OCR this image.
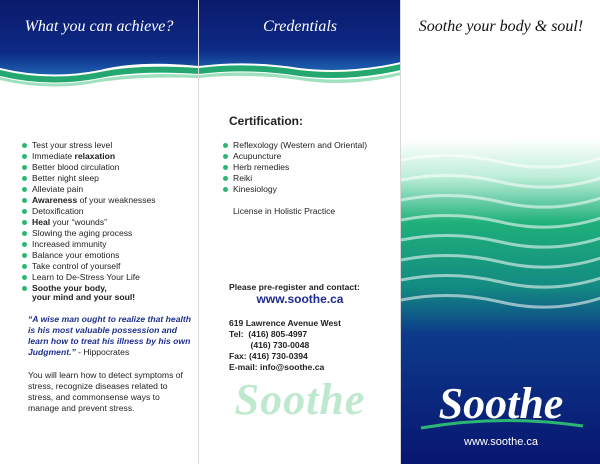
What you can achieve?
Test your stress level
Immediate relaxation
Better blood circulation
Better night sleep
Alleviate pain
Awareness of your weaknesses
Detoxification
Heal your “wounds”
Slowing the aging process
Increased immunity
Balance your emotions
Take control of yourself
Learn to De-Stress Your Life
Soothe your body,
your mind and your soul!
“A wise man ought to realize that health is his most valuable possession and learn how to treat his illness by his own Judgment.” - Hippocrates
You will learn how to detect symptoms of stress, recognize diseases related to stress, and commonsense ways to manage and prevent stress.
Credentials
Certification:
Reflexology (Western and Oriental)
Acupuncture
Herb remedies
Reiki
Kinesiology
License in Holistic Practice
Please pre-register and contact:
www.soothe.ca
619 Lawrence Avenue West
Tel:  (416) 805-4997
(416) 730-0048
Fax: (416) 730-0394
E-mail: info@soothe.ca
Soothe
Soothe your body & soul!
Soothe
www.soothe.ca
